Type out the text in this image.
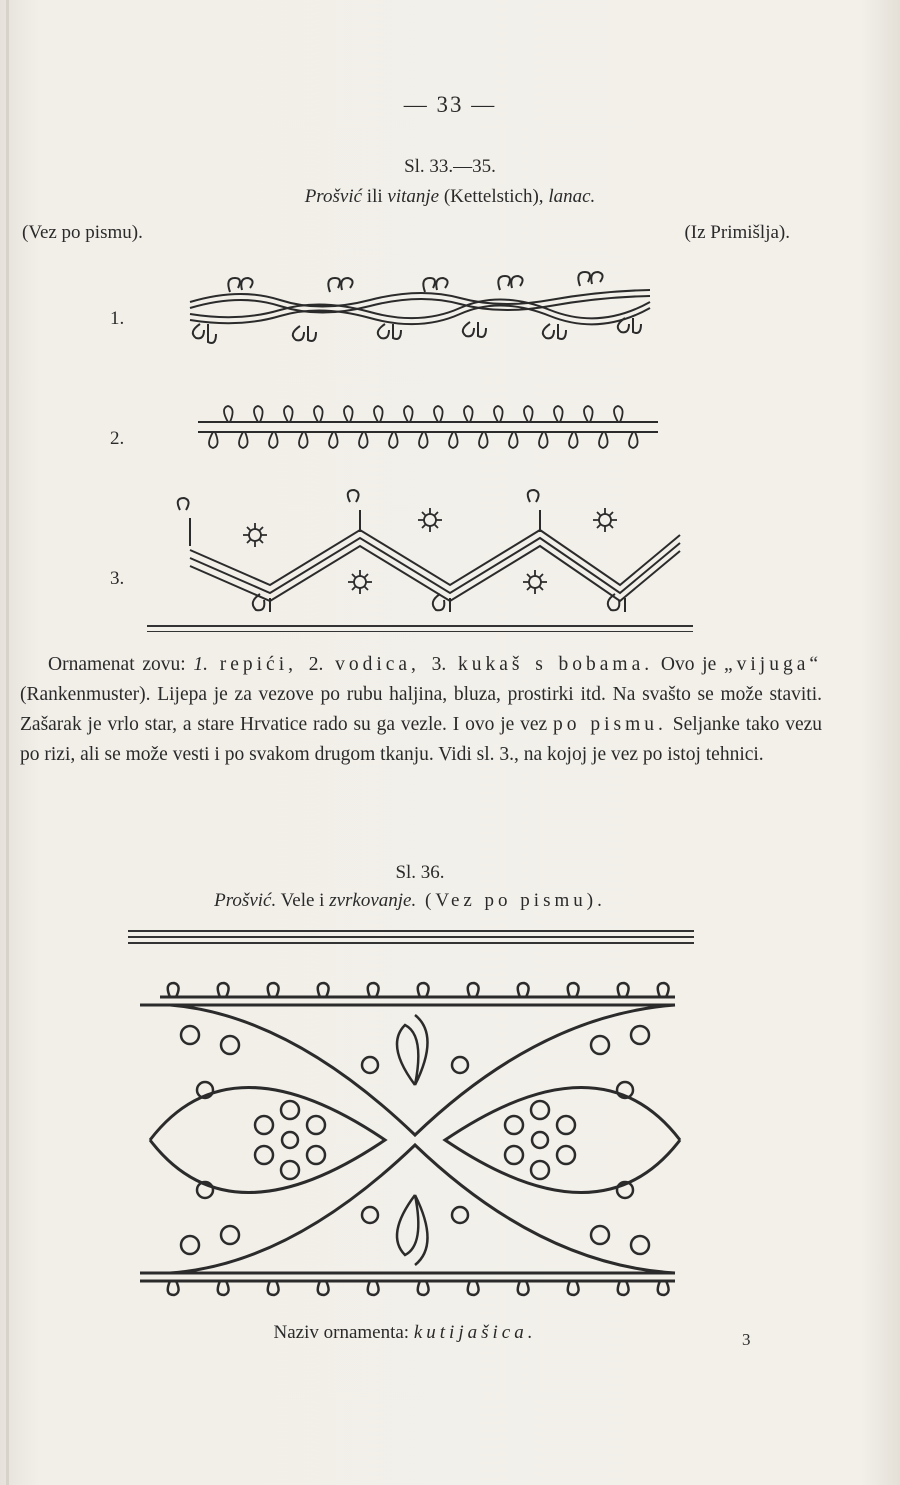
— 33 —
Sl. 33.—35.
Prošvić ili vitanje (Kettelstich), lanac.
(Vez po pismu).	(Iz Primišlja).
1.
2.
3.

Ornamenat zovu: 1. repići, 2. vodica, 3. kukaš s bobama. Ovo je „vijuga“ (Rankenmuster). Lijepa je za vezove po rubu haljina, bluza, prostirki itd. Na svašto se može staviti. Zašarak je vrlo star, a stare Hrvatice rado su ga vezle. I ovo je vez po pismu. Seljanke tako vezu po rizi, ali se može vesti i po svakom drugom tkanju. Vidi sl. 3., na kojoj je vez po istoj tehnici.

Sl. 36.
Prošvić. Vele i zvrkovanje. (Vez po pismu).
Naziv ornamenta: kutijašica.	3
